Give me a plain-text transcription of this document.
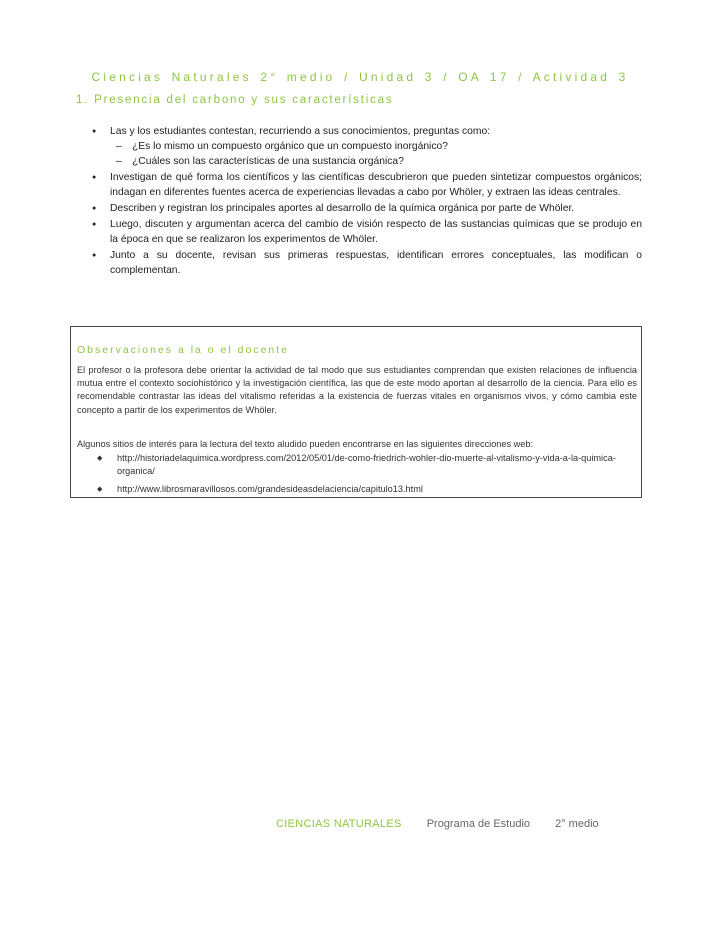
Ciencias Naturales 2° medio / Unidad 3 / OA 17 / Actividad 3
1. Presencia del carbono y sus características
● Las y los estudiantes contestan, recurriendo a sus conocimientos, preguntas como:
– ¿Es lo mismo un compuesto orgánico que un compuesto inorgánico?
– ¿Cuáles son las características de una sustancia orgánica?
● Investigan de qué forma los científicos y las científicas descubrieron que pueden sintetizar compuestos orgánicos; indagan en diferentes fuentes acerca de experiencias llevadas a cabo por Whöler, y extraen las ideas centrales.
● Describen y registran los principales aportes al desarrollo de la química orgánica por parte de Whöler.
● Luego, discuten y argumentan acerca del cambio de visión respecto de las sustancias químicas que se produjo en la época en que se realizaron los experimentos de Whöler.
● Junto a su docente, revisan sus primeras respuestas, identifican errores conceptuales, las modifican o complementan.
Observaciones a la o el docente

El profesor o la profesora debe orientar la actividad de tal modo que sus estudiantes comprendan que existen relaciones de influencia mutua entre el contexto sociohistórico y la investigación científica, las que de este modo aportan al desarrollo de la ciencia. Para ello es recomendable contrastar las ideas del vitalismo referidas a la existencia de fuerzas vitales en organismos vivos, y cómo cambia este concepto a partir de los experimentos de Whöler.

Algunos sitios de interés para la lectura del texto aludido pueden encontrarse en las siguientes direcciones web:

◆ http://historiadelaquimica.wordpress.com/2012/05/01/de-como-friedrich-wohler-dio-muerte-al-vitalismo-y-vida-a-la-quimica-organica/
◆ http://www.librosmaravillosos.com/grandesideasdelaciencia/capitulo13.html
CIENCIAS NATURALES Programa de Estudio 2° medio
